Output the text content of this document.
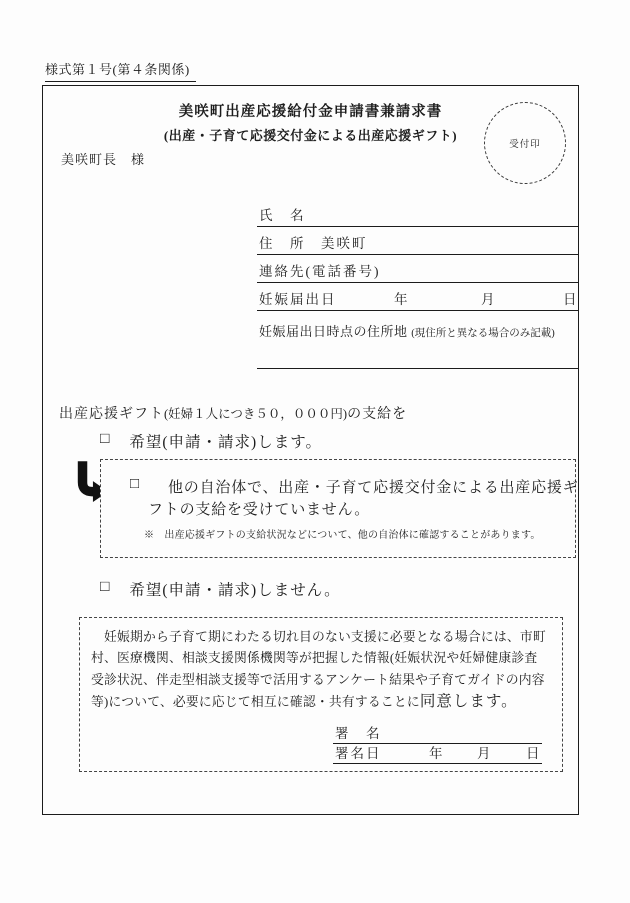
様式第１号(第４条関係)
美咲町出産応援給付金申請書兼請求書
(出産・子育て応援交付金による出産応援ギフト)
受付印
美咲町長　様
氏　名
住　所　美咲町
連絡先(電話番号)
妊娠届出日	年	月	日
妊娠届出日時点の住所地 (現住所と異なる場合のみ記載)
出産応援ギフト(妊婦１人につき５０，０００円)の支給を
□ 希望(申請・請求)します。
□ 他の自治体で、出産・子育て応援交付金による出産応援ギ
フトの支給を受けていません。
※　出産応援ギフトの支給状況などについて、他の自治体に確認することがあります。
□ 希望(申請・請求)しません。
　妊娠期から子育て期にわたる切れ目のない支援に必要となる場合には、市町
村、医療機関、相談支援関係機関等が把握した情報(妊娠状況や妊婦健康診査
受診状況、伴走型相談支援等で活用するアンケート結果や子育てガイドの内容
等)について、必要に応じて相互に確認・共有することに同意します。
署　名
署名日	年	月	日
